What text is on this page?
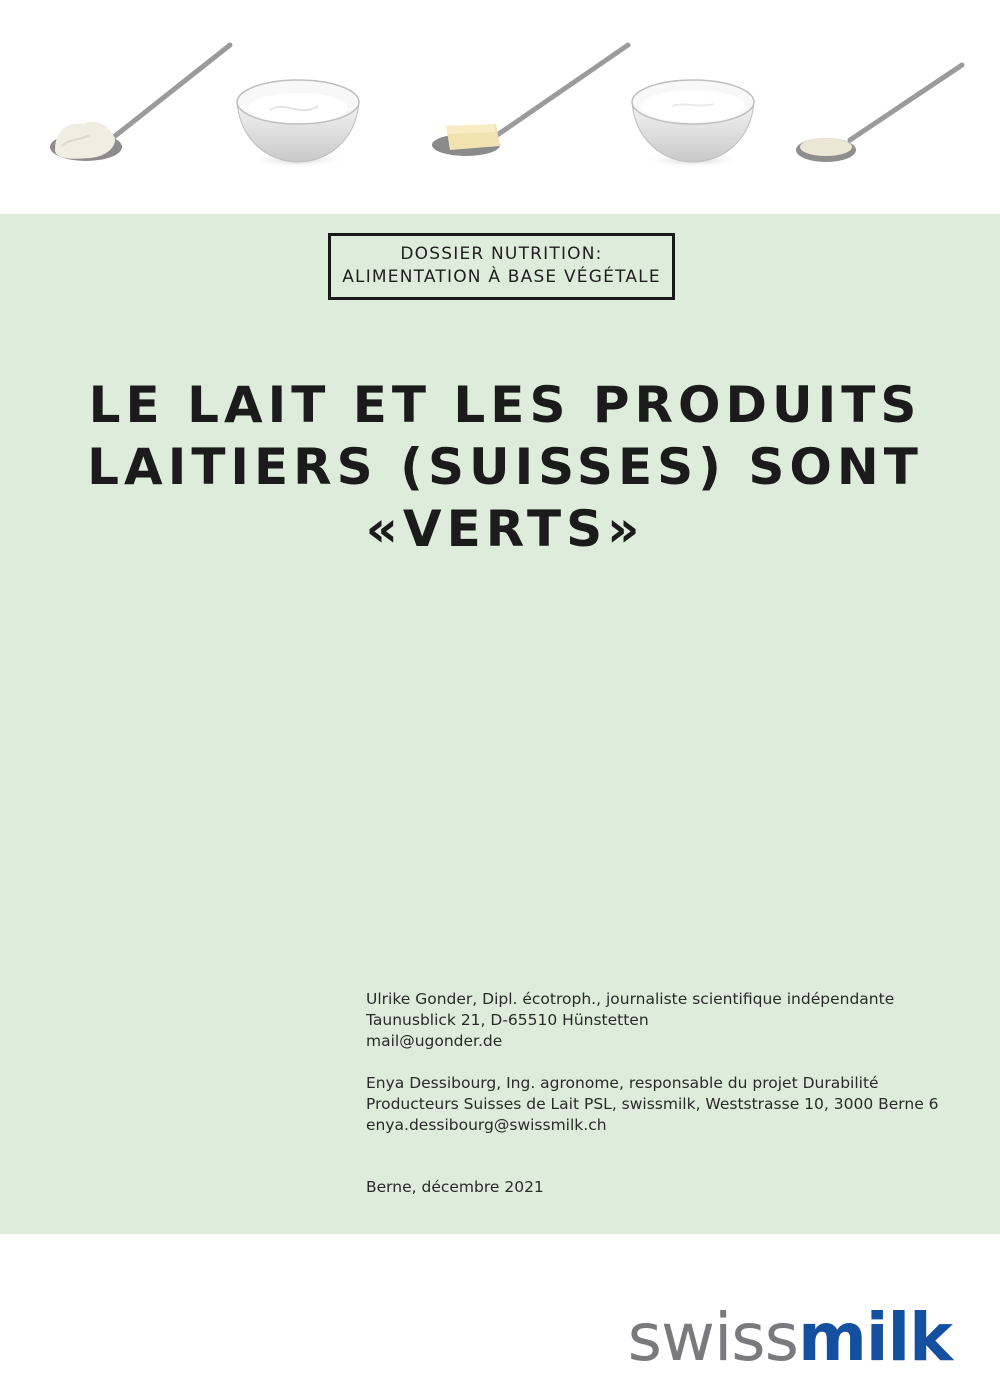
DOSSIER NUTRITION:
ALIMENTATION À BASE VÉGÉTALE
LE LAIT ET LES PRODUITS
LAITIERS (SUISSES) SONT
«VERTS»
Ulrike Gonder, Dipl. écotroph., journaliste scientifique indépendante
Taunusblick 21, D-65510 Hünstetten
mail@ugonder.de
Enya Dessibourg, Ing. agronome, responsable du projet Durabilité
Producteurs Suisses de Lait PSL, swissmilk, Weststrasse 10, 3000 Berne 6
enya.dessibourg@swissmilk.ch
Berne, décembre 2021
swissmilk
